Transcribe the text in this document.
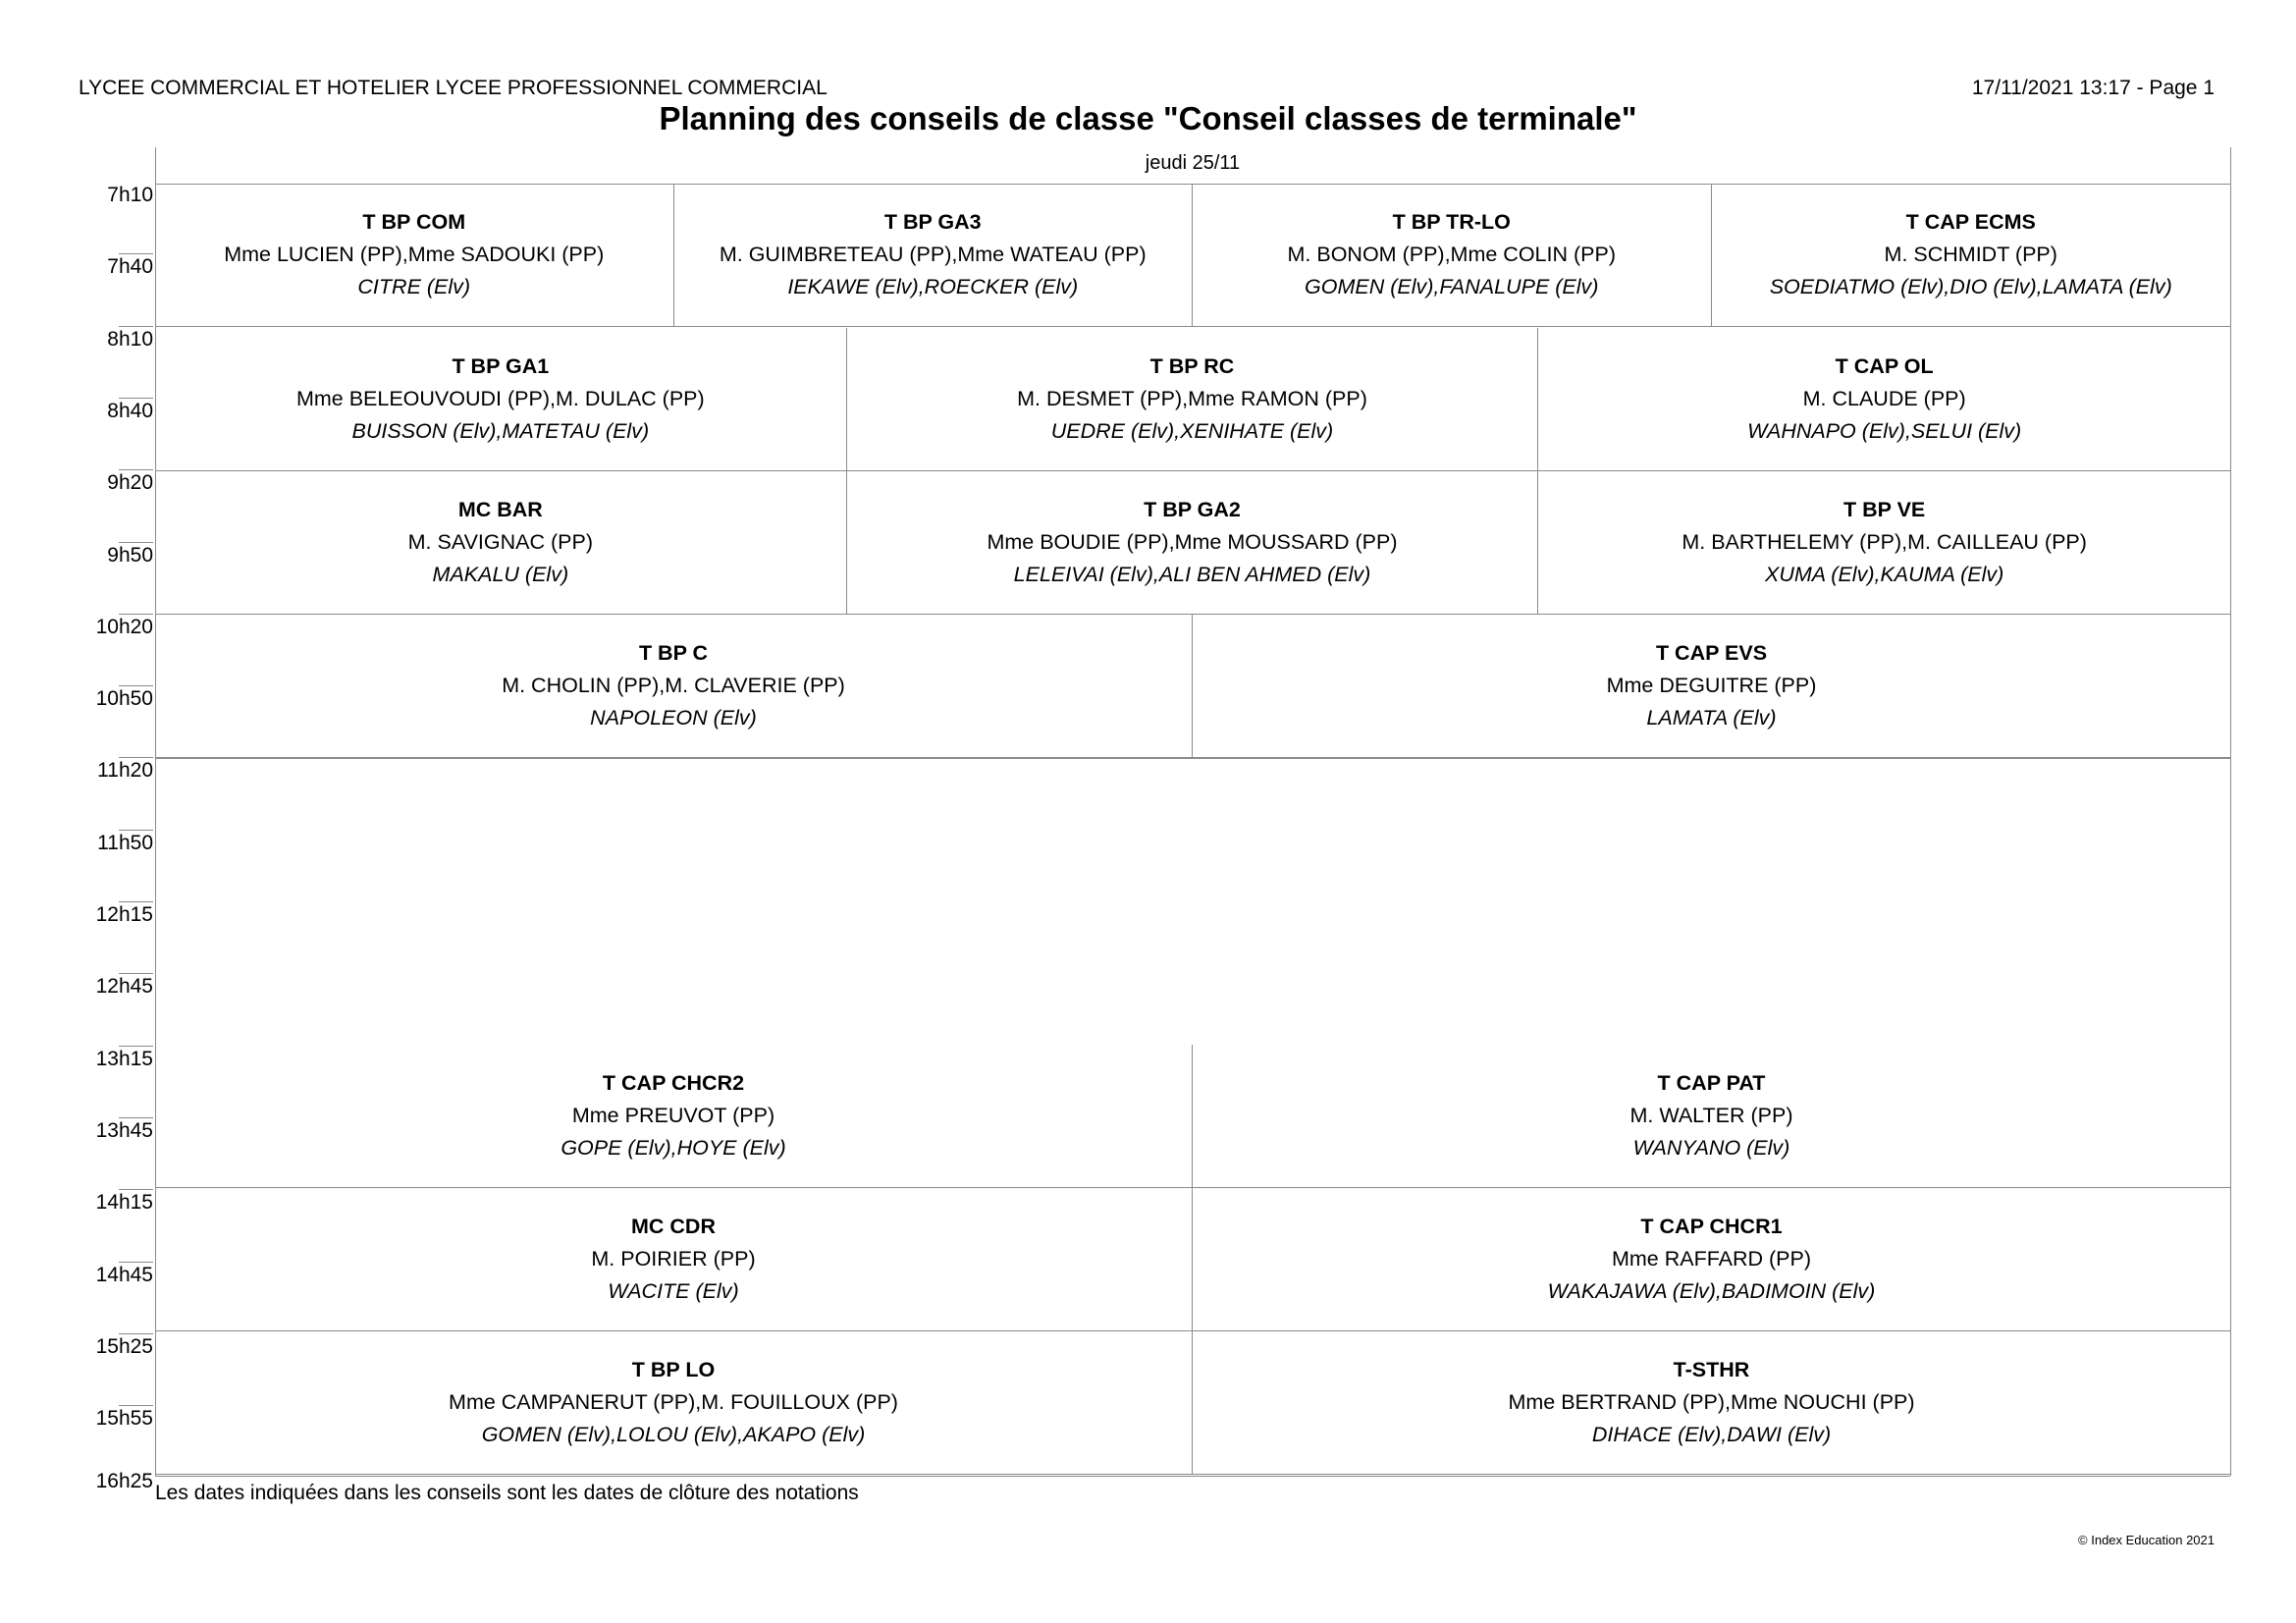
LYCEE COMMERCIAL ET HOTELIER LYCEE PROFESSIONNEL COMMERCIAL	17/11/2021 13:17 - Page 1
Planning des conseils de classe "Conseil classes de terminale"
jeudi 25/11
7h10
7h40
8h10
8h40
9h20
9h50
10h20
10h50
11h20
11h50
12h15
12h45
13h15
13h45
14h15
14h45
15h25
15h55
16h25
T BP COM
Mme LUCIEN (PP),Mme SADOUKI (PP)
CITRE (Elv)
T BP GA3
M. GUIMBRETEAU (PP),Mme WATEAU (PP)
IEKAWE (Elv),ROECKER (Elv)
T BP TR-LO
M. BONOM (PP),Mme COLIN (PP)
GOMEN (Elv),FANALUPE (Elv)
T CAP ECMS
M. SCHMIDT (PP)
SOEDIATMO (Elv),DIO (Elv),LAMATA (Elv)
T BP GA1
Mme BELEOUVOUDI (PP),M. DULAC (PP)
BUISSON (Elv),MATETAU (Elv)
T BP RC
M. DESMET (PP),Mme RAMON (PP)
UEDRE (Elv),XENIHATE (Elv)
T CAP OL
M. CLAUDE (PP)
WAHNAPO (Elv),SELUI (Elv)
MC BAR
M. SAVIGNAC (PP)
MAKALU (Elv)
T BP GA2
Mme BOUDIE (PP),Mme MOUSSARD (PP)
LELEIVAI (Elv),ALI BEN AHMED (Elv)
T BP VE
M. BARTHELEMY (PP),M. CAILLEAU (PP)
XUMA (Elv),KAUMA (Elv)
T BP C
M. CHOLIN (PP),M. CLAVERIE (PP)
NAPOLEON (Elv)
T CAP EVS
Mme DEGUITRE (PP)
LAMATA (Elv)
T CAP CHCR2
Mme PREUVOT (PP)
GOPE (Elv),HOYE (Elv)
T CAP PAT
M. WALTER (PP)
WANYANO (Elv)
MC CDR
M. POIRIER (PP)
WACITE (Elv)
T CAP CHCR1
Mme RAFFARD (PP)
WAKAJAWA (Elv),BADIMOIN (Elv)
T BP LO
Mme CAMPANERUT (PP),M. FOUILLOUX (PP)
GOMEN (Elv),LOLOU (Elv),AKAPO (Elv)
T-STHR
Mme BERTRAND (PP),Mme NOUCHI (PP)
DIHACE (Elv),DAWI (Elv)
Les dates indiquées dans les conseils sont les dates de clôture des notations
© Index Education 2021
